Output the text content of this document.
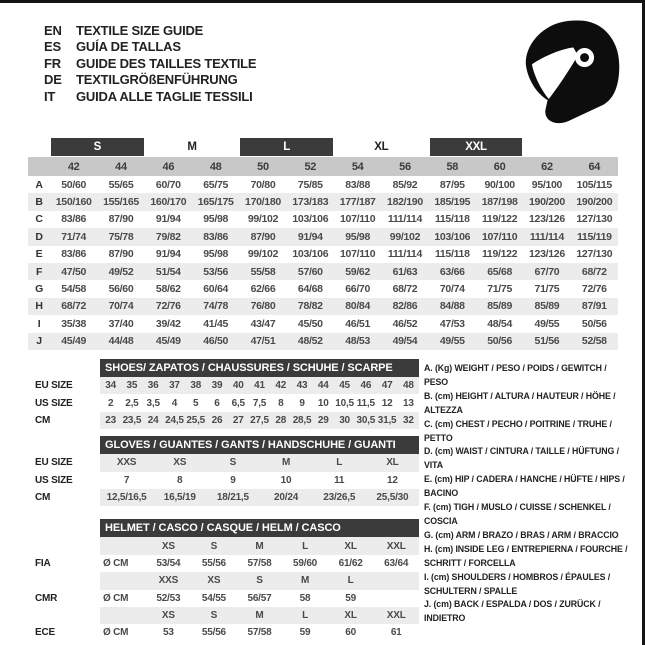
EN	TEXTILE SIZE GUIDE
ES	GUÍA DE TALLAS
FR	GUIDE DES TAILLES TEXTILE
DE	TEXTILGRÖßENFÜHRUNG
IT	GUIDA ALLE TAGLIE TESSILI

	S		M		L		XL		XXL			

	42	44	46	48	50	52	54	56	58	60	62	64
A	50/60	55/65	60/70	65/75	70/80	75/85	83/88	85/92	87/95	90/100	95/100	105/115
B	150/160	155/165	160/170	165/175	170/180	173/183	177/187	182/190	185/195	187/198	190/200	190/200
C	83/86	87/90	91/94	95/98	99/102	103/106	107/110	111/114	115/118	119/122	123/126	127/130
D	71/74	75/78	79/82	83/86	87/90	91/94	95/98	99/102	103/106	107/110	111/114	115/119
E	83/86	87/90	91/94	95/98	99/102	103/106	107/110	111/114	115/118	119/122	123/126	127/130
F	47/50	49/52	51/54	53/56	55/58	57/60	59/62	61/63	63/66	65/68	67/70	68/72
G	54/58	56/60	58/62	60/64	62/66	64/68	66/70	68/72	70/74	71/75	71/75	72/76
H	68/72	70/74	72/76	74/78	76/80	78/82	80/84	82/86	84/88	85/89	85/89	87/91
I	35/38	37/40	39/42	41/45	43/47	45/50	46/51	46/52	47/53	48/54	49/55	50/56
J	45/49	44/48	45/49	46/50	47/51	48/52	48/53	49/54	49/55	50/56	51/56	52/58
	SHOES/ ZAPATOS / CHAUSSURES / SCHUHE / SCARPE														
EU SIZE	34	35	36	37	38	39	40	41	42	43	44	45	46	47	48
US SIZE	2	2,5	3,5	4	5	6	6,5	7,5	8	9	10	10,5	11,5	12	13
CM	23	23,5	24	24,5	25,5	26	27	27,5	28	28,5	29	30	30,5	31,5	32
	GLOVES / GUANTES / GANTS / HANDSCHUHE / GUANTI					
EU SIZE	XXS	XS	S	M	L	XL
US SIZE	7	8	9	10	11	12
CM	12,5/16,5	16,5/19	18/21,5	20/24	23/26,5	25,5/30
	HELMET / CASCO / CASQUE / HELM / CASCO						
		XS	S	M	L	XL	XXL
FIA	Ø CM	53/54	55/56	57/58	59/60	61/62	63/64
		XXS	XS	S	M	L	
CMR	Ø CM	52/53	54/55	56/57	58	59	
		XS	S	M	L	XL	XXL
ECE	Ø CM	53	55/56	57/58	59	60	61
A. (Kg) WEIGHT / PESO / POIDS / GEWITCH / PESO
B. (cm) HEIGHT / ALTURA / HAUTEUR / HÖHE / ALTEZZA
C. (cm) CHEST / PECHO / POITRINE / TRUHE / PETTO
D. (cm) WAIST / CINTURA / TAILLE / HÜFTUNG / VITA
E. (cm) HIP / CADERA / HANCHE / HÜFTE / HIPS / BACINO
F. (cm) TIGH / MUSLO / CUISSE / SCHENKEL / COSCIA
G. (cm) ARM / BRAZO / BRAS / ARM / BRACCIO
H. (cm) INSIDE LEG / ENTREPIERNA / FOURCHE / SCHRITT / FORCELLA
I. (cm) SHOULDERS / HOMBROS / ÉPAULES / SCHULTERN / SPALLE
J. (cm) BACK / ESPALDA / DOS / ZURÜCK / INDIETRO
